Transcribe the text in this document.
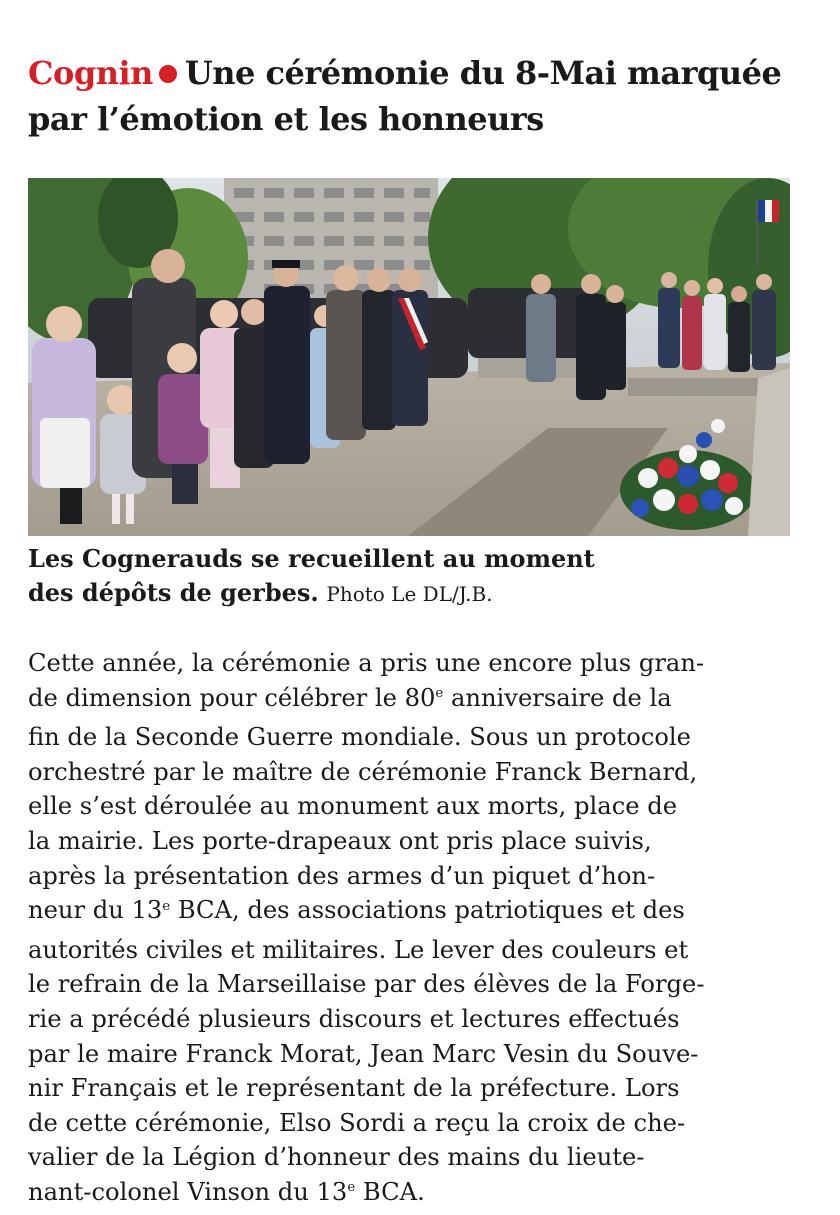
Cognin Une cérémonie du 8-Mai marquée
par l’émotion et les honneurs
Les Cognerauds se recueillent au moment
des dépôts de gerbes. Photo Le DL/J.B.

Cette année, la cérémonie a pris une encore plus gran-
de dimension pour célébrer le 80e anniversaire de la
fin de la Seconde Guerre mondiale. Sous un protocole
orchestré par le maître de cérémonie Franck Bernard,
elle s’est déroulée au monument aux morts, place de
la mairie. Les porte-drapeaux ont pris place suivis,
après la présentation des armes d’un piquet d’hon-
neur du 13e BCA, des associations patriotiques et des
autorités civiles et militaires. Le lever des couleurs et
le refrain de la Marseillaise par des élèves de la Forge-
rie a précédé plusieurs discours et lectures effectués
par le maire Franck Morat, Jean Marc Vesin du Souve-
nir Français et le représentant de la préfecture. Lors
de cette cérémonie, Elso Sordi a reçu la croix de che-
valier de la Légion d’honneur des mains du lieute-
nant-colonel Vinson du 13e BCA.
